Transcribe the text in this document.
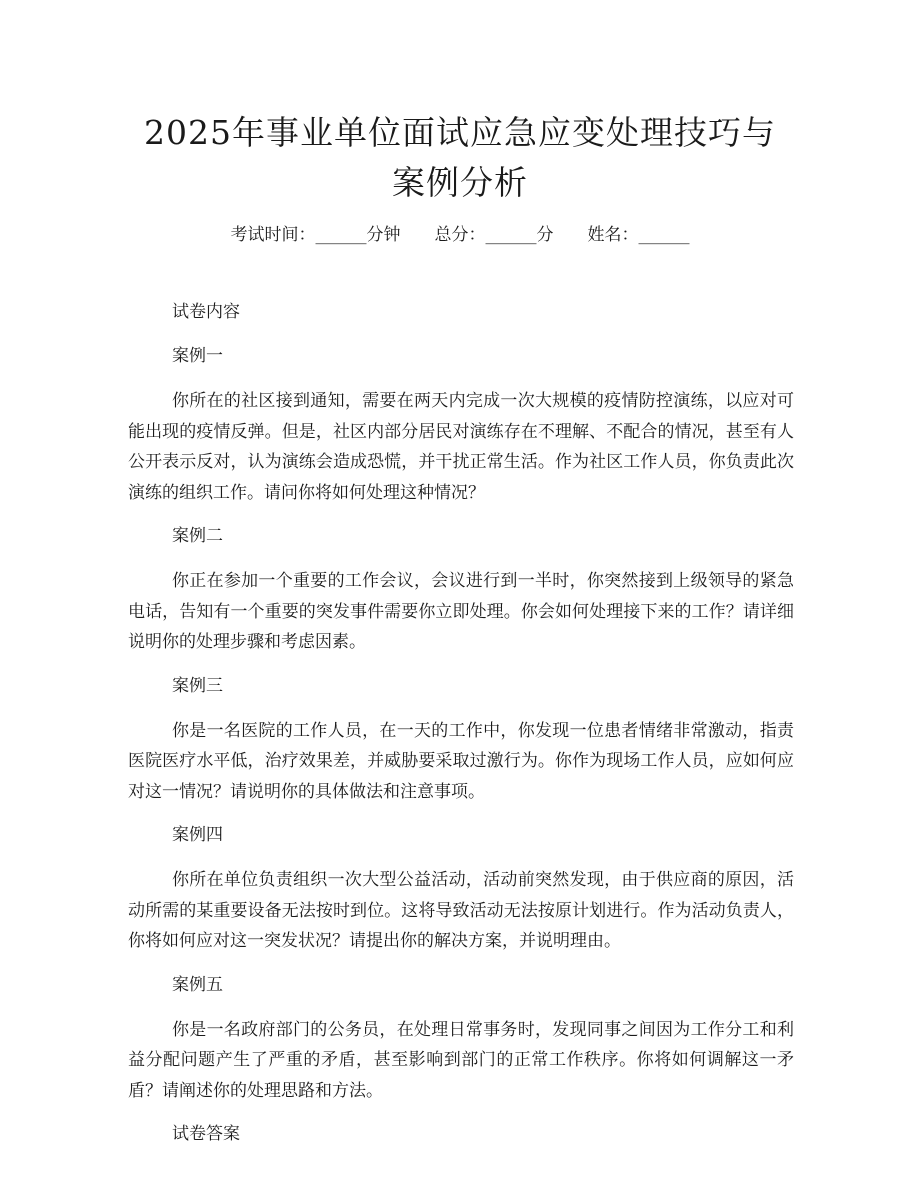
2025年事业单位面试应急应变处理技巧与案例分析
考试时间：______分钟 总分：______分 姓名：______

试卷内容

案例一

你所在的社区接到通知，需要在两天内完成一次大规模的疫情防控演练，以应对可能出现的疫情反弹。但是，社区内部分居民对演练存在不理解、不配合的情况，甚至有人公开表示反对，认为演练会造成恐慌，并干扰正常生活。作为社区工作人员，你负责此次演练的组织工作。请问你将如何处理这种情况？

案例二

你正在参加一个重要的工作会议，会议进行到一半时，你突然接到上级领导的紧急电话，告知有一个重要的突发事件需要你立即处理。你会如何处理接下来的工作？请详细说明你的处理步骤和考虑因素。

案例三

你是一名医院的工作人员，在一天的工作中，你发现一位患者情绪非常激动，指责医院医疗水平低，治疗效果差，并威胁要采取过激行为。你作为现场工作人员，应如何应对这一情况？请说明你的具体做法和注意事项。

案例四

你所在单位负责组织一次大型公益活动，活动前突然发现，由于供应商的原因，活动所需的某重要设备无法按时到位。这将导致活动无法按原计划进行。作为活动负责人，你将如何应对这一突发状况？请提出你的解决方案，并说明理由。

案例五

你是一名政府部门的公务员，在处理日常事务时，发现同事之间因为工作分工和利益分配问题产生了严重的矛盾，甚至影响到部门的正常工作秩序。你将如何调解这一矛盾？请阐述你的处理思路和方法。

试卷答案
